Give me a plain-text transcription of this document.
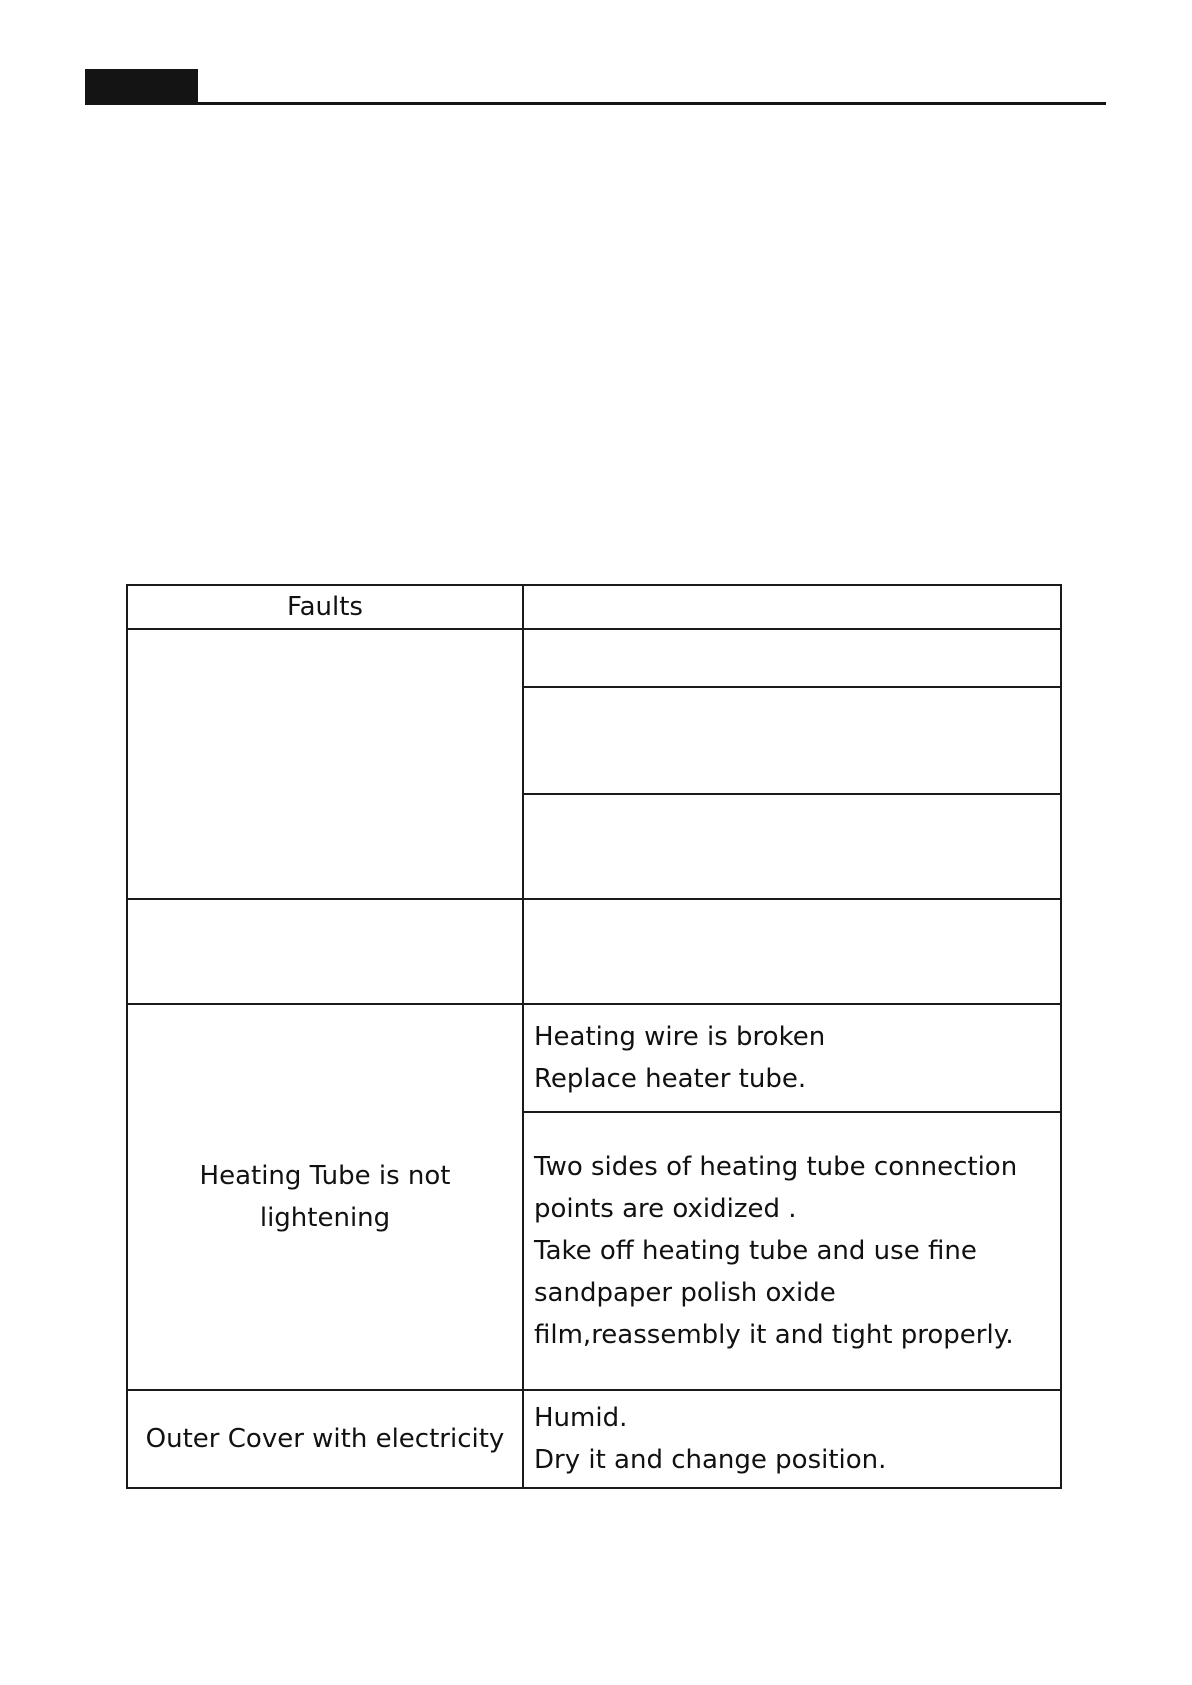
Faults	

Heating Tube is not
lightening	Heating wire is broken
Replace heater tube.

	Two sides of heating tube connection
points are oxidized .
Take off heating tube and use fine
sandpaper polish oxide
film,reassembly it and tight properly.

Outer Cover with electricity	Humid.
Dry it and change position.
